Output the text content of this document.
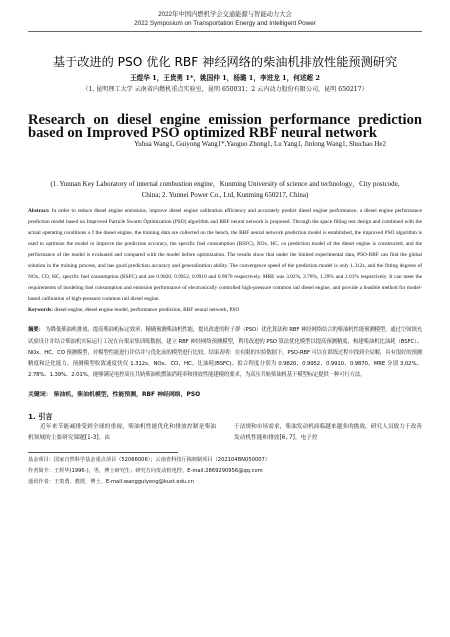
2022年中国内燃机学会交通能源与智能动力大会
2022 Symposium on Transportation Energy and Intelligent Power
基于改进的 PSO 优化 RBF 神经网络的柴油机排放性能预测研究
王煜华 1，王贵勇 1*，姚国仲 1，杨璐 1，李进龙 1，何述超 2
（1. 昆明理工大学 云南省内燃机重点实验室，昆明 650031；2 云内动力股份有限公司，昆明 650217）
Research on diesel engine emission performance prediction based on Improved PSO optimized RBF neural network
Yuhua Wang1, Guiyong Wang1*,Yaoguo Zhong1, Lu Yang1, Jinlong Wang1, Shuchao He2
(1. Yunnan Key Laboratory of internal combustion engine，Kunming University of science and technology，City postcode, China; 2. Yunnei Power Co., Ltd, Kunming 650217, China)
Abstract: In order to reduce diesel engine emissions, improve diesel engine calibration efficiency and accurately predict diesel engine performance, a diesel engine performance prediction model based on Improved Particle Swarm Optimization (PSO) algorithm and RBF neural network is proposed. Through the space filling test design and combined with the actual operating conditions o f the diesel engine, the training data are collected on the bench, the RBF neural network prediction model is established, the improved PSO algorithm is used to optimize the model to improve the prediction accuracy, the specific fuel consumption (BSFC), NOx, HC, co prediction model of the diesel engine is constructed, and the performance of the model is evaluated and compared with the model before optimization. The results show that under the limited experimental data, PSO-RBF can find the global solution in the training process, and has good prediction accuracy and generalization ability. The convergence speed of the prediction model is only 1.312s, and the fitting degrees of NOx, CO, HC, specific fuel consumption (BSFC) and are 0.9820, 0.9952, 0.9910 and 0.9870 respectively. MRE was 3.02%, 2.78%, 1.39% and 2.01% respectively. It can meet the requirements of modeling fuel consumption and emission performance of electronically controlled high-pressure common rail diesel engine, and provide a feasible method for model-based calibration of high-pressure common rail diesel engine.
Keywords: diesel engine, diesel engine model, performance prediction, RBF neural network, PSO
摘要： 为降低柴油机排放、提高柴油机标定效率、精确预测柴油机性能，提出改进的粒子群（PSO）优化算法和 RBF 神经网络结合的柴油机性能预测模型。通过空间填充试验设计并结合柴油机实际运行工况在台架采集训练数据，建立 RBF 神经网络预测模型，利用改进的 PSO 算法优化模型以提高预测精度，构建柴油机比油耗（BSFC）、NOx、HC、CO 预测模型，对模型性能进行评估并与优化前的模型进行比较。结果表明：在有限的实验数据下，PSO-RBF 可以在训练过程中找到全局解，具有很好的预测精度和泛化能力，预测模型收敛速度快仅 1.312s，NOx、CO、HC、比油耗(BSFC)、拟合程度分别为 0.9820、0.9952、0.9910、0.9870，MRE 分别 3.02%、2.78%、1.39%、2.01%。能够满足电控高压共轨柴油机燃油消耗率和排放性能建模的要求，为高压共轨柴油机基于模型标定提供一种可行方法。
关键词： 柴油机，柴油机模型，性能预测，RBF 神经网络，PSO
1. 引言
近年来节能减排受到全球的重视，柴油机性能优化和排放控制是柴油机领域的主要研究课题[1-3]。由
于法规和市场需求，柴油发动机面临越来越多的挑战，研究人员致力于改善发动机性能和排放[6, 7]。电子控
基金项目：国家自然科学基金重点项目（52066006）；云南省科技厅揭榜制项目（202104BN050007）
作者简介：王煜华(1996-)，男，博士研究生；研究方向发动机电控。E-mail:2869290956@qq.com
通讯作者：王贵勇，教授，博士。E-mail:wangguiyong@kust.edu.cn
